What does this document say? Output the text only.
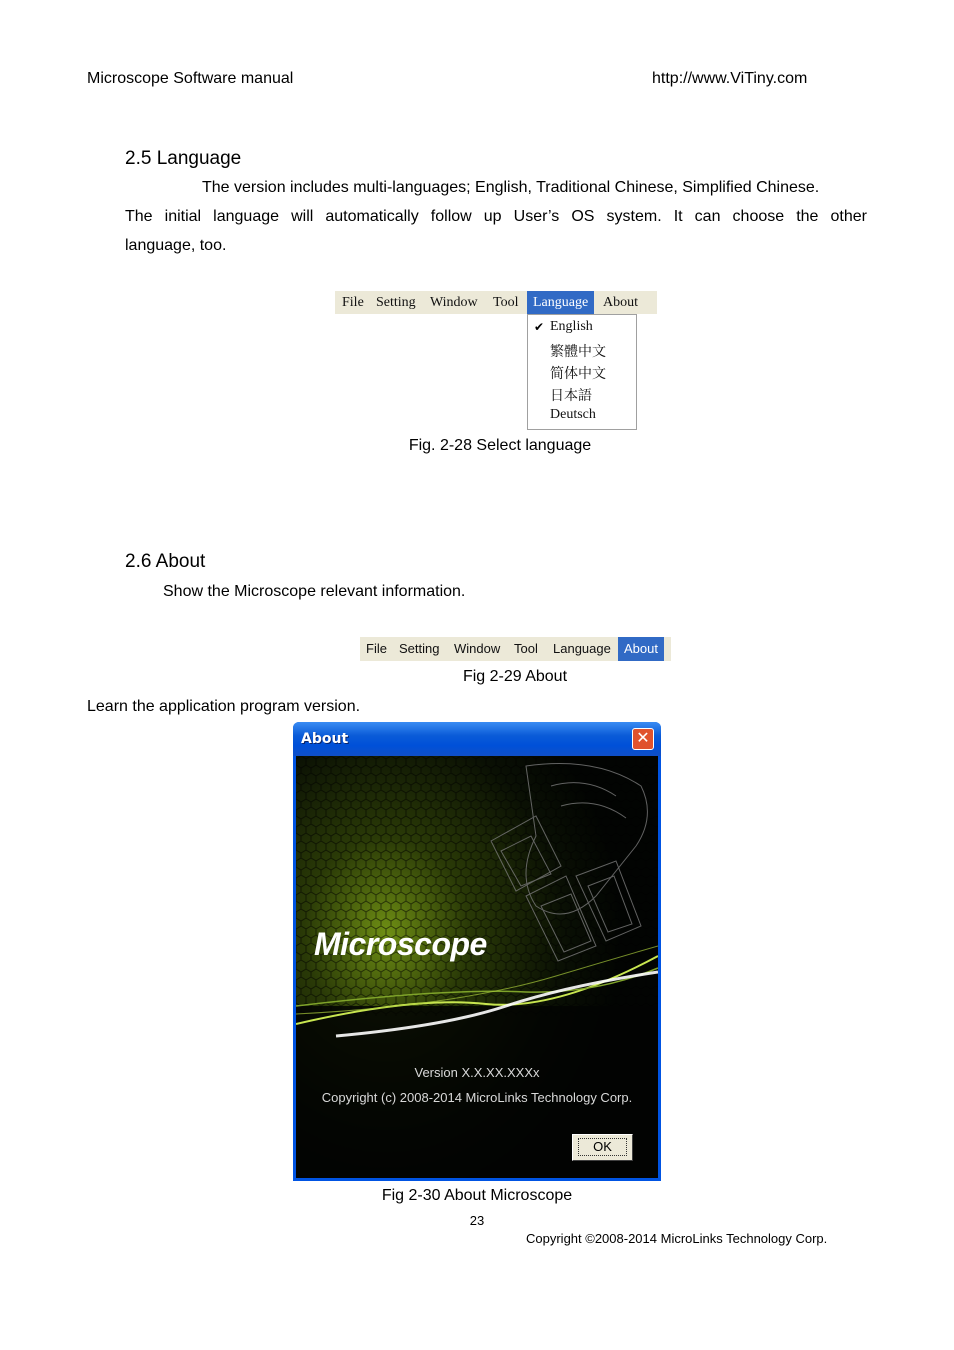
Microscope Software manual	http://www.ViTiny.com
2.5 Language
The version includes multi-languages; English, Traditional Chinese, Simplified Chinese.
The initial language will automatically follow up User’s OS system. It can choose the other
language, too.
File Setting	Window	Tool	Language	About
✔ English
繁體中文
简体中文
日本語
Deutsch
Fig. 2-28 Select language
2.6 About
Show the Microscope relevant information.
File Setting	Window	Tool	Language	About
Fig 2-29 About
Learn the application program version.
About	✕
Microscope
Version X.X.XX.XXXx
Copyright (c) 2008-2014 MicroLinks Technology Corp.
OK
Fig 2-30 About Microscope
23
Copyright ©2008-2014 MicroLinks Technology Corp.
